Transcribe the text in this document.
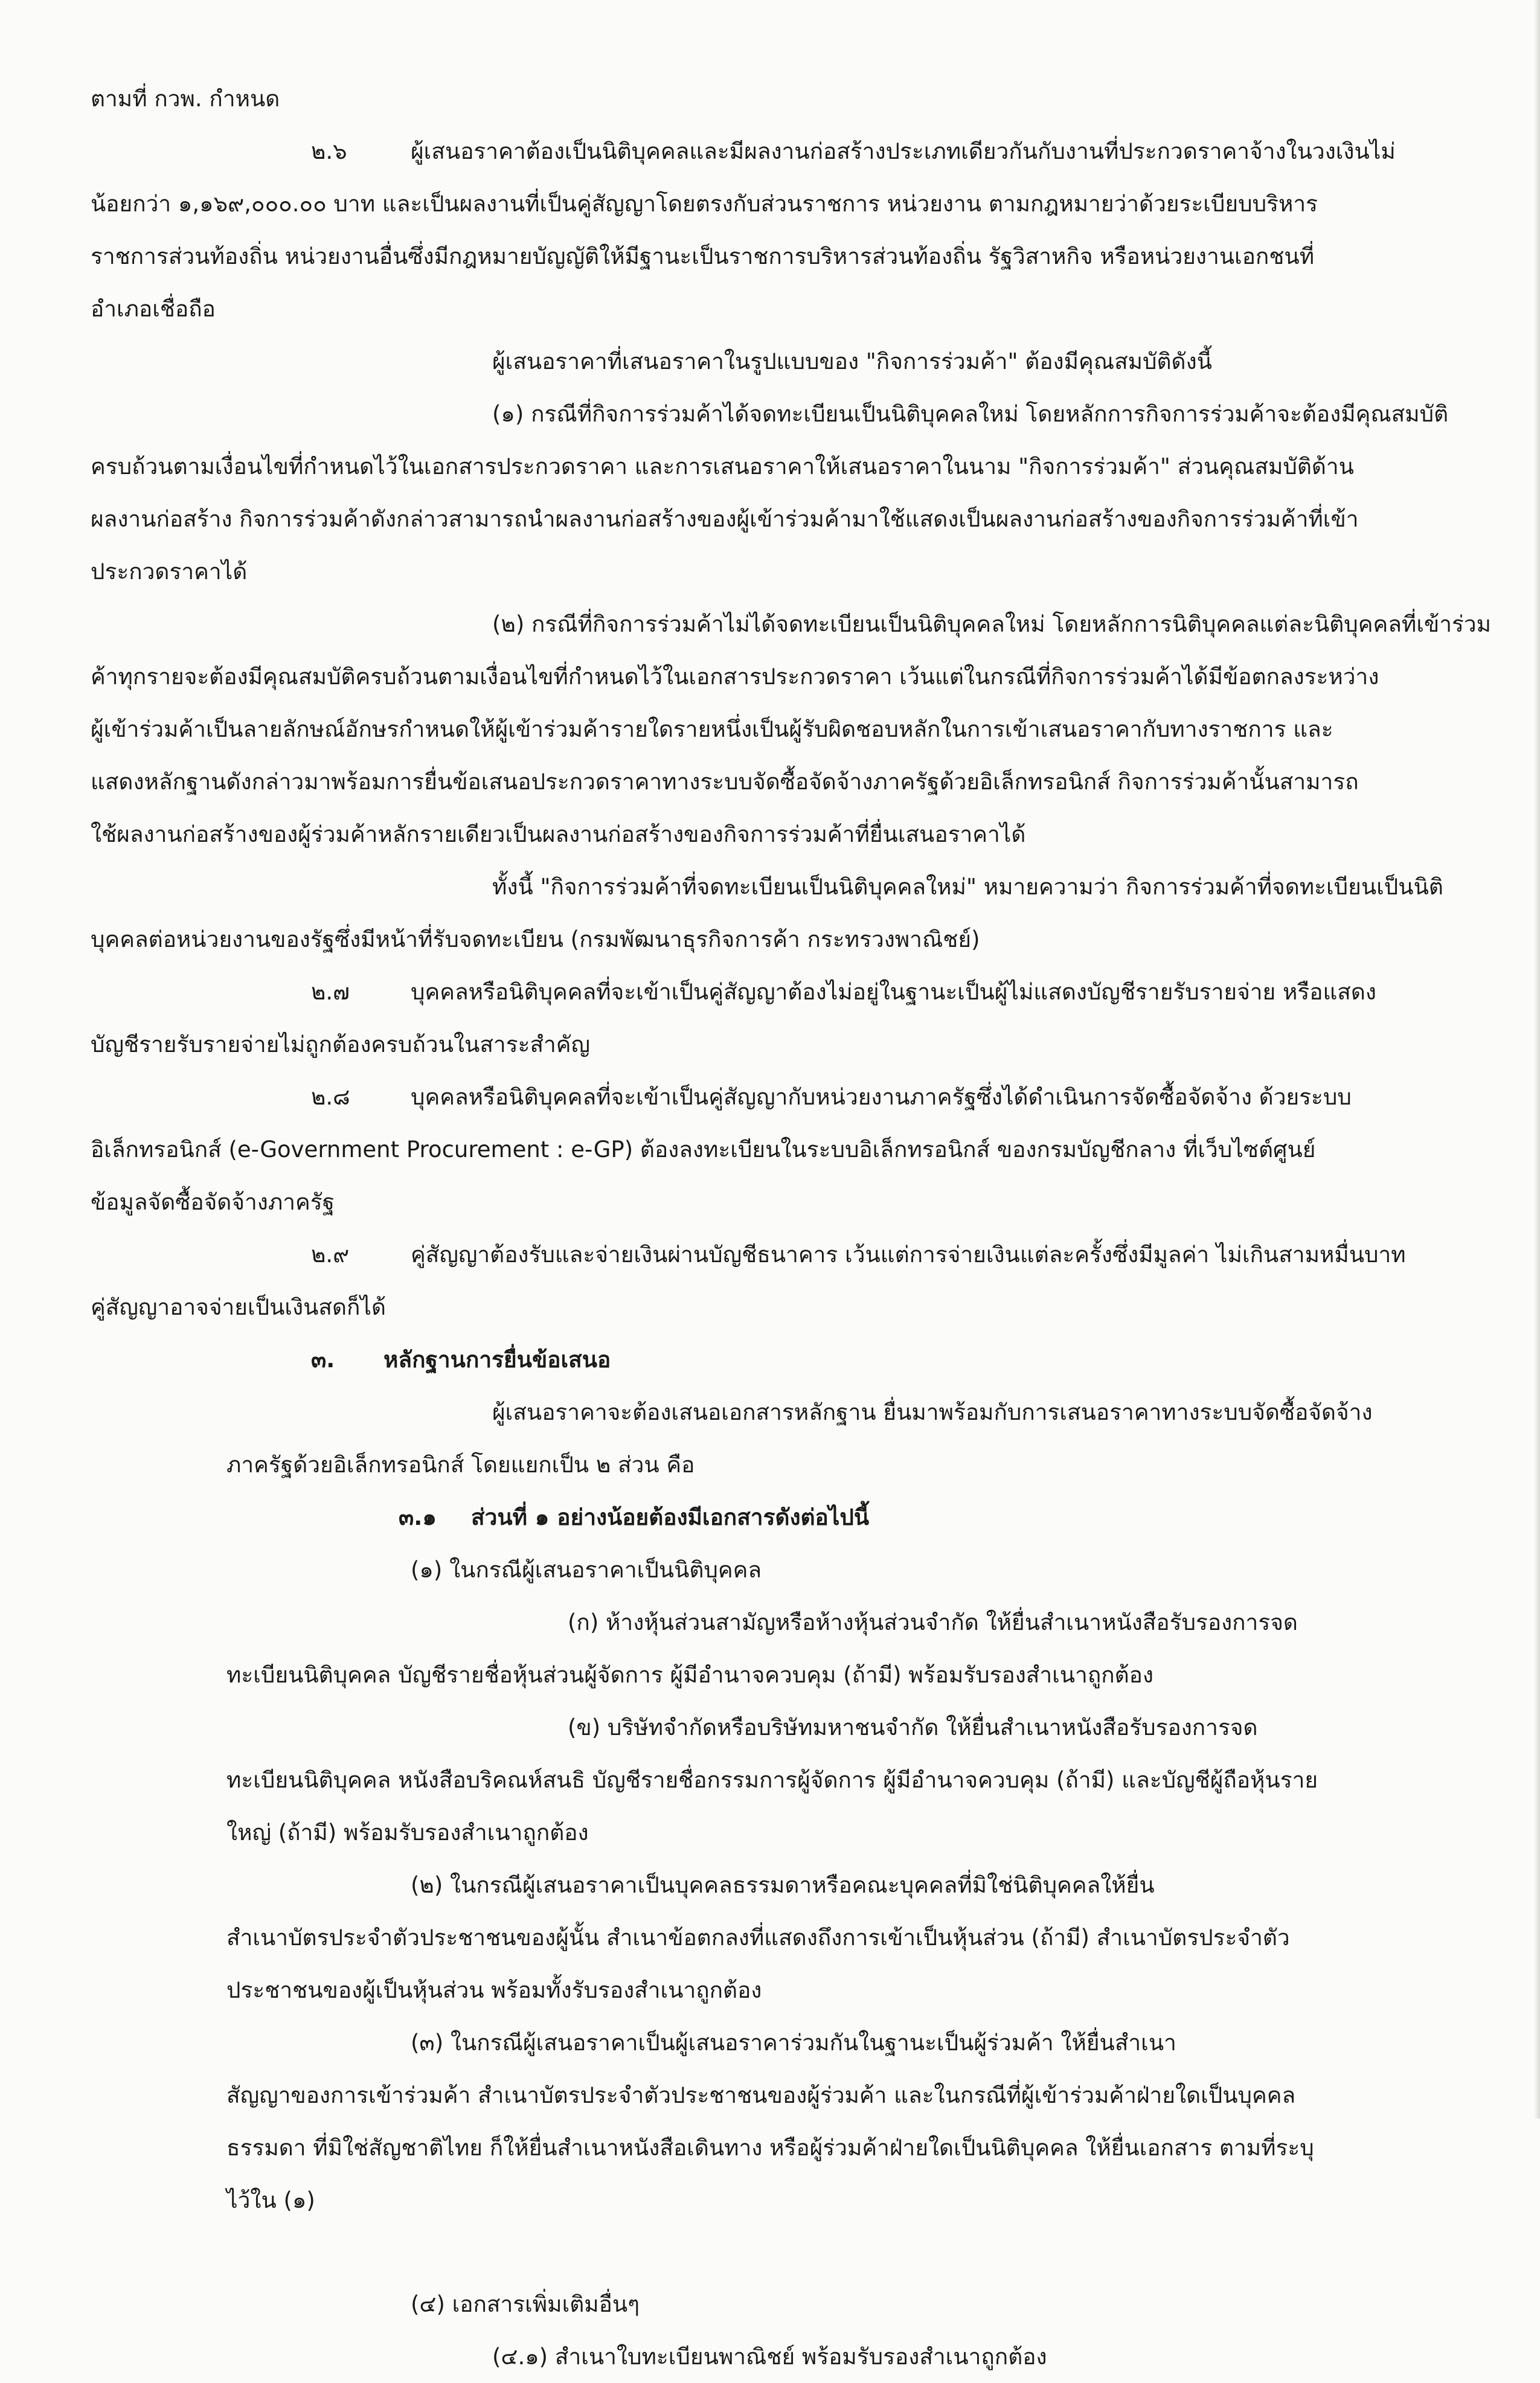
ตามที่ กวพ. กำหนด
๒.๖	ผู้เสนอราคาต้องเป็นนิติบุคคลและมีผลงานก่อสร้างประเภทเดียวกันกับงานที่ประกวดราคาจ้างในวงเงินไม่
น้อยกว่า ๑,๑๖๙,๐๐๐.๐๐ บาท และเป็นผลงานที่เป็นคู่สัญญาโดยตรงกับส่วนราชการ หน่วยงาน ตามกฎหมายว่าด้วยระเบียบบริหาร
ราชการส่วนท้องถิ่น หน่วยงานอื่นซึ่งมีกฎหมายบัญญัติให้มีฐานะเป็นราชการบริหารส่วนท้องถิ่น รัฐวิสาหกิจ หรือหน่วยงานเอกชนที่
อำเภอเชื่อถือ
ผู้เสนอราคาที่เสนอราคาในรูปแบบของ "กิจการร่วมค้า" ต้องมีคุณสมบัติดังนี้
(๑) กรณีที่กิจการร่วมค้าได้จดทะเบียนเป็นนิติบุคคลใหม่ โดยหลักการกิจการร่วมค้าจะต้องมีคุณสมบัติ
ครบถ้วนตามเงื่อนไขที่กำหนดไว้ในเอกสารประกวดราคา และการเสนอราคาให้เสนอราคาในนาม "กิจการร่วมค้า" ส่วนคุณสมบัติด้าน
ผลงานก่อสร้าง กิจการร่วมค้าดังกล่าวสามารถนำผลงานก่อสร้างของผู้เข้าร่วมค้ามาใช้แสดงเป็นผลงานก่อสร้างของกิจการร่วมค้าที่เข้า
ประกวดราคาได้
(๒) กรณีที่กิจการร่วมค้าไม่ได้จดทะเบียนเป็นนิติบุคคลใหม่ โดยหลักการนิติบุคคลแต่ละนิติบุคคลที่เข้าร่วม
ค้าทุกรายจะต้องมีคุณสมบัติครบถ้วนตามเงื่อนไขที่กำหนดไว้ในเอกสารประกวดราคา เว้นแต่ในกรณีที่กิจการร่วมค้าได้มีข้อตกลงระหว่าง
ผู้เข้าร่วมค้าเป็นลายลักษณ์อักษรกำหนดให้ผู้เข้าร่วมค้ารายใดรายหนึ่งเป็นผู้รับผิดชอบหลักในการเข้าเสนอราคากับทางราชการ และ
แสดงหลักฐานดังกล่าวมาพร้อมการยื่นข้อเสนอประกวดราคาทางระบบจัดซื้อจัดจ้างภาครัฐด้วยอิเล็กทรอนิกส์ กิจการร่วมค้านั้นสามารถ
ใช้ผลงานก่อสร้างของผู้ร่วมค้าหลักรายเดียวเป็นผลงานก่อสร้างของกิจการร่วมค้าที่ยื่นเสนอราคาได้
ทั้งนี้ "กิจการร่วมค้าที่จดทะเบียนเป็นนิติบุคคลใหม่" หมายความว่า กิจการร่วมค้าที่จดทะเบียนเป็นนิติ
บุคคลต่อหน่วยงานของรัฐซึ่งมีหน้าที่รับจดทะเบียน (กรมพัฒนาธุรกิจการค้า กระทรวงพาณิชย์)
๒.๗	บุคคลหรือนิติบุคคลที่จะเข้าเป็นคู่สัญญาต้องไม่อยู่ในฐานะเป็นผู้ไม่แสดงบัญชีรายรับรายจ่าย หรือแสดง
บัญชีรายรับรายจ่ายไม่ถูกต้องครบถ้วนในสาระสำคัญ
๒.๘	บุคคลหรือนิติบุคคลที่จะเข้าเป็นคู่สัญญากับหน่วยงานภาครัฐซึ่งได้ดำเนินการจัดซื้อจัดจ้าง ด้วยระบบ
อิเล็กทรอนิกส์ (e-Government Procurement : e-GP) ต้องลงทะเบียนในระบบอิเล็กทรอนิกส์ ของกรมบัญชีกลาง ที่เว็บไซต์ศูนย์
ข้อมูลจัดซื้อจัดจ้างภาครัฐ
๒.๙	คู่สัญญาต้องรับและจ่ายเงินผ่านบัญชีธนาคาร เว้นแต่การจ่ายเงินแต่ละครั้งซึ่งมีมูลค่า ไม่เกินสามหมื่นบาท
คู่สัญญาอาจจ่ายเป็นเงินสดก็ได้
๓. หลักฐานการยื่นข้อเสนอ
ผู้เสนอราคาจะต้องเสนอเอกสารหลักฐาน ยื่นมาพร้อมกับการเสนอราคาทางระบบจัดซื้อจัดจ้าง
ภาครัฐด้วยอิเล็กทรอนิกส์ โดยแยกเป็น ๒ ส่วน คือ
๓.๑ ส่วนที่ ๑ อย่างน้อยต้องมีเอกสารดังต่อไปนี้
(๑) ในกรณีผู้เสนอราคาเป็นนิติบุคคล
(ก) ห้างหุ้นส่วนสามัญหรือห้างหุ้นส่วนจำกัด ให้ยื่นสำเนาหนังสือรับรองการจด
ทะเบียนนิติบุคคล บัญชีรายชื่อหุ้นส่วนผู้จัดการ ผู้มีอำนาจควบคุม (ถ้ามี) พร้อมรับรองสำเนาถูกต้อง
(ข) บริษัทจำกัดหรือบริษัทมหาชนจำกัด ให้ยื่นสำเนาหนังสือรับรองการจด
ทะเบียนนิติบุคคล หนังสือบริคณห์สนธิ บัญชีรายชื่อกรรมการผู้จัดการ ผู้มีอำนาจควบคุม (ถ้ามี) และบัญชีผู้ถือหุ้นราย
ใหญ่ (ถ้ามี) พร้อมรับรองสำเนาถูกต้อง
(๒) ในกรณีผู้เสนอราคาเป็นบุคคลธรรมดาหรือคณะบุคคลที่มิใช่นิติบุคคลให้ยื่น
สำเนาบัตรประจำตัวประชาชนของผู้นั้น สำเนาข้อตกลงที่แสดงถึงการเข้าเป็นหุ้นส่วน (ถ้ามี) สำเนาบัตรประจำตัว
ประชาชนของผู้เป็นหุ้นส่วน พร้อมทั้งรับรองสำเนาถูกต้อง
(๓) ในกรณีผู้เสนอราคาเป็นผู้เสนอราคาร่วมกันในฐานะเป็นผู้ร่วมค้า ให้ยื่นสำเนา
สัญญาของการเข้าร่วมค้า สำเนาบัตรประจำตัวประชาชนของผู้ร่วมค้า และในกรณีที่ผู้เข้าร่วมค้าฝ่ายใดเป็นบุคคล
ธรรมดา ที่มิใช่สัญชาติไทย ก็ให้ยื่นสำเนาหนังสือเดินทาง หรือผู้ร่วมค้าฝ่ายใดเป็นนิติบุคคล ให้ยื่นเอกสาร ตามที่ระบุ
ไว้ใน (๑)
(๔) เอกสารเพิ่มเติมอื่นๆ
(๔.๑) สำเนาใบทะเบียนพาณิชย์ พร้อมรับรองสำเนาถูกต้อง
